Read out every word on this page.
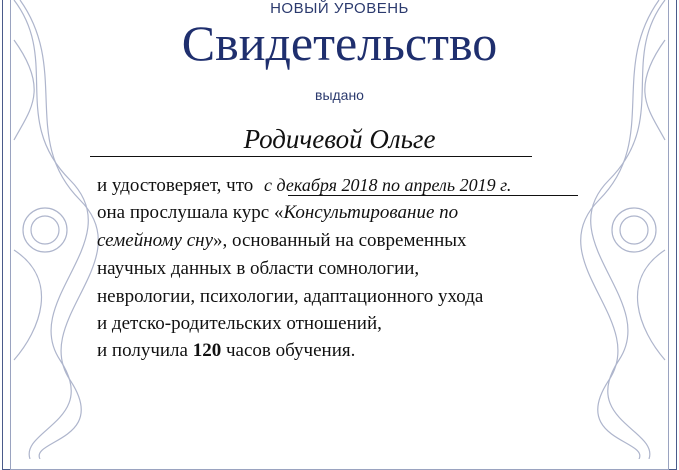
НОВЫЙ УРОВЕНЬ
Свидетельство
выдано
Родичевой Ольге
и удостоверяет, что с декабря 2018 по апрель 2019 г.
она прослушала курс «Консультирование по
семейному сну», основанный на современных
научных данных в области сомнологии,
неврологии, психологии, адаптационного ухода
и детско-родительских отношений,
и получила 120 часов обучения.
